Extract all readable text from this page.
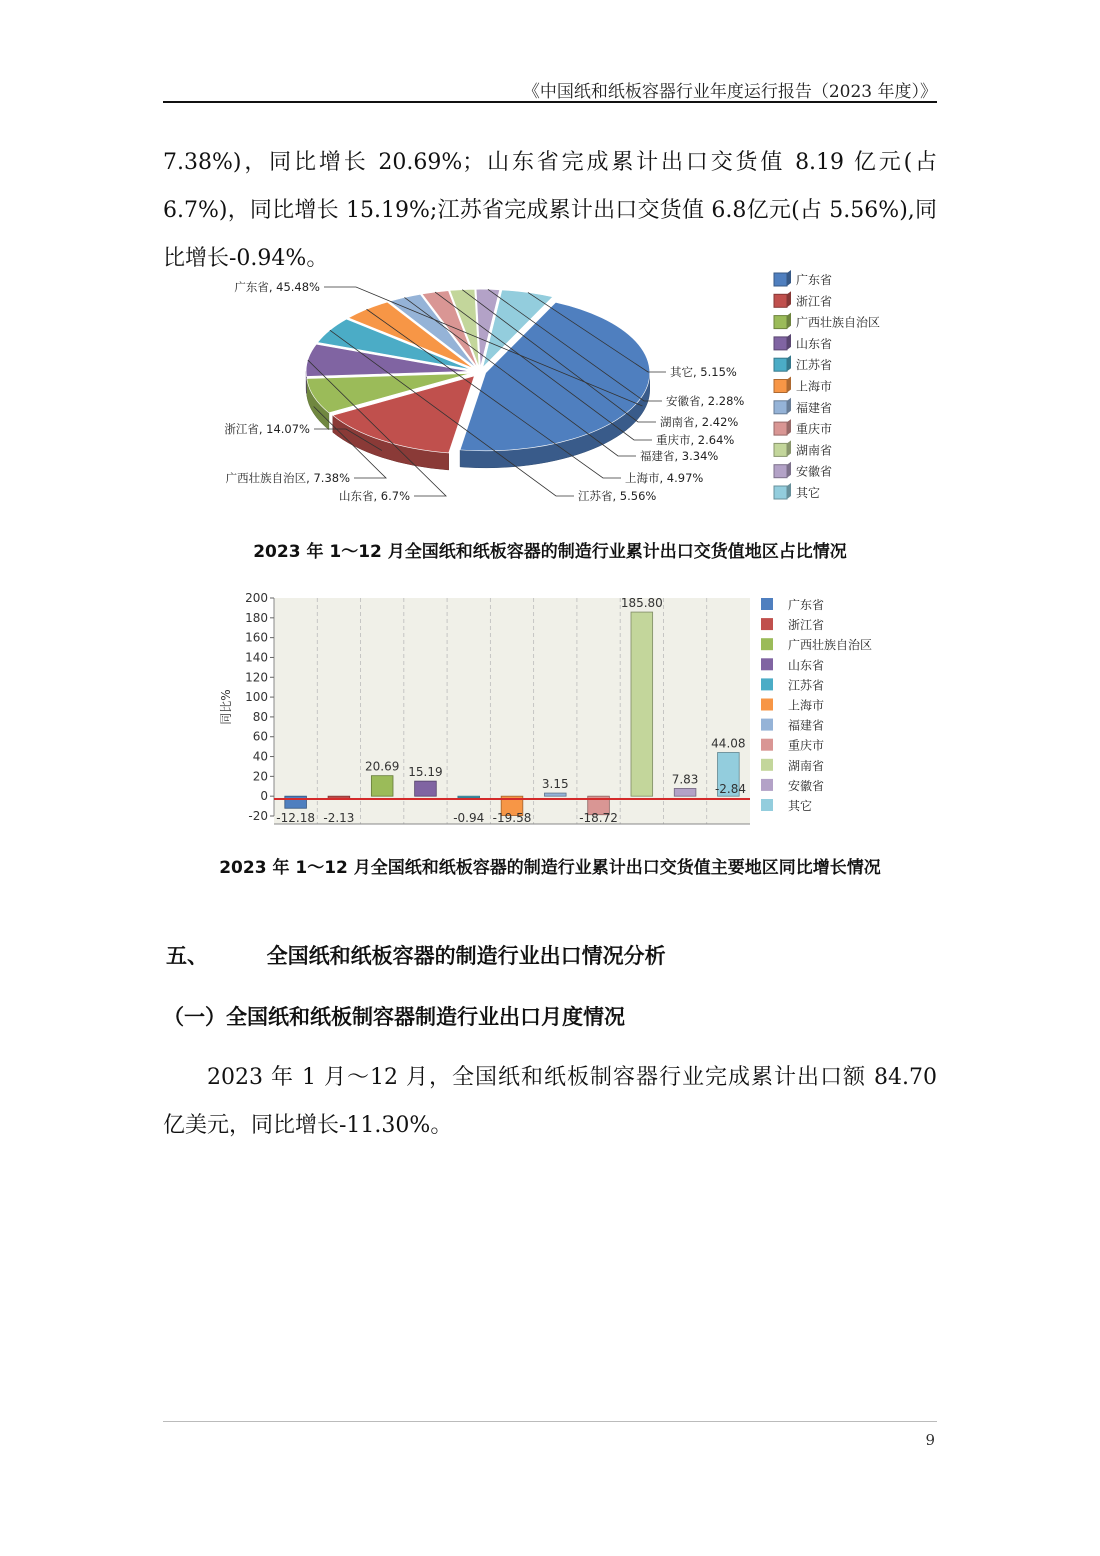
《中国纸和纸板容器行业年度运行报告（2023 年度）》

7.38%)，同比增长 20.69%；山东省完成累计出口交货值 8.19 亿元(占 6.7%)，同比增长 15.19%;江苏省完成累计出口交货值 6.8亿元(占 5.56%),同比增长-0.94%。

广东省, 45.48%
浙江省, 14.07%
广西壮族自治区, 7.38%
山东省, 6.7%	江苏省, 5.56%
上海市, 4.97%
福建省, 3.34%
重庆市, 2.64%
湖南省, 2.42%
安徽省, 2.28%
其它, 5.15%
广东省
浙江省
广西壮族自治区
山东省
江苏省
上海市
福建省
重庆市
湖南省
安徽省
其它
2023 年 1～12 月全国纸和纸板容器的制造行业累计出口交货值地区占比情况
-20
0
20
40
60
80
100
120
140
160
180
200
同比%
-12.18 -2.13
20.69 15.19
-0.94 -19.58
3.15
-18.72
185.80
7.83
44.08
-2.84
广东省
浙江省
广西壮族自治区
山东省
江苏省
上海市
福建省
重庆市
湖南省
安徽省
其它
2023 年 1～12 月全国纸和纸板容器的制造行业累计出口交货值主要地区同比增长情况
五、	全国纸和纸板容器的制造行业出口情况分析
（一）全国纸和纸板制容器制造行业出口月度情况

2023 年 1 月～12 月，全国纸和纸板制容器行业完成累计出口额 84.70 亿美元，同比增长-11.30%。

9
